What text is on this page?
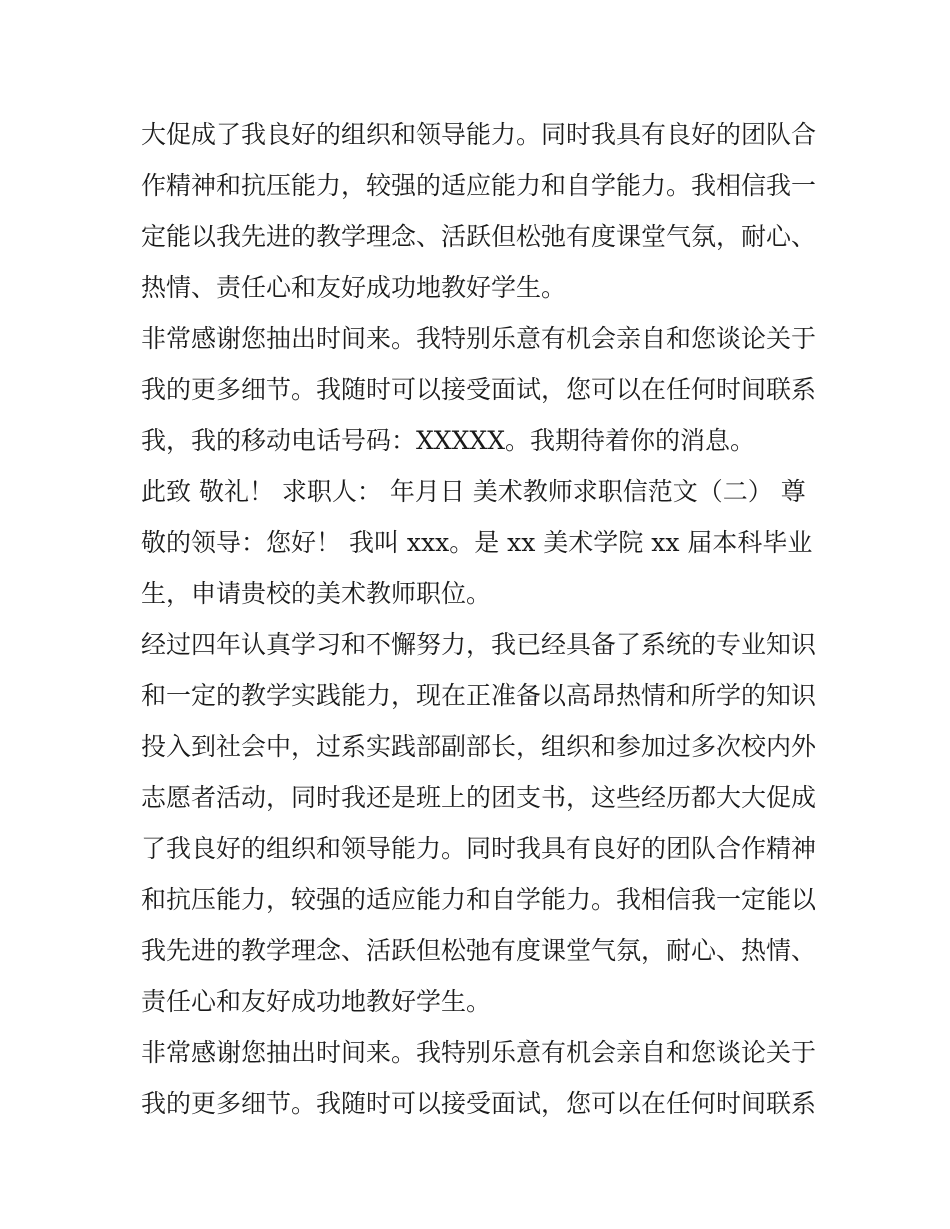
大促成了我良好的组织和领导能力。同时我具有良好的团队合
作精神和抗压能力，较强的适应能力和自学能力。我相信我一
定能以我先进的教学理念、活跃但松弛有度课堂气氛，耐心、
热情、责任心和友好成功地教好学生。

非常感谢您抽出时间来。我特别乐意有机会亲自和您谈论关于
我的更多细节。我随时可以接受面试，您可以在任何时间联系
我，我的移动电话号码：XXXXX。我期待着你的消息。

此致 敬礼！ 求职人： 年月日 美术教师求职信范文（二） 尊
敬的领导：您好！ 我叫 xxx。是 xx 美术学院 xx 届本科毕业
生，申请贵校的美术教师职位。

经过四年认真学习和不懈努力，我已经具备了系统的专业知识
和一定的教学实践能力，现在正准备以高昂热情和所学的知识
投入到社会中，过系实践部副部长，组织和参加过多次校内外
志愿者活动，同时我还是班上的团支书，这些经历都大大促成
了我良好的组织和领导能力。同时我具有良好的团队合作精神
和抗压能力，较强的适应能力和自学能力。我相信我一定能以
我先进的教学理念、活跃但松弛有度课堂气氛，耐心、热情、
责任心和友好成功地教好学生。

非常感谢您抽出时间来。我特别乐意有机会亲自和您谈论关于
我的更多细节。我随时可以接受面试，您可以在任何时间联系
